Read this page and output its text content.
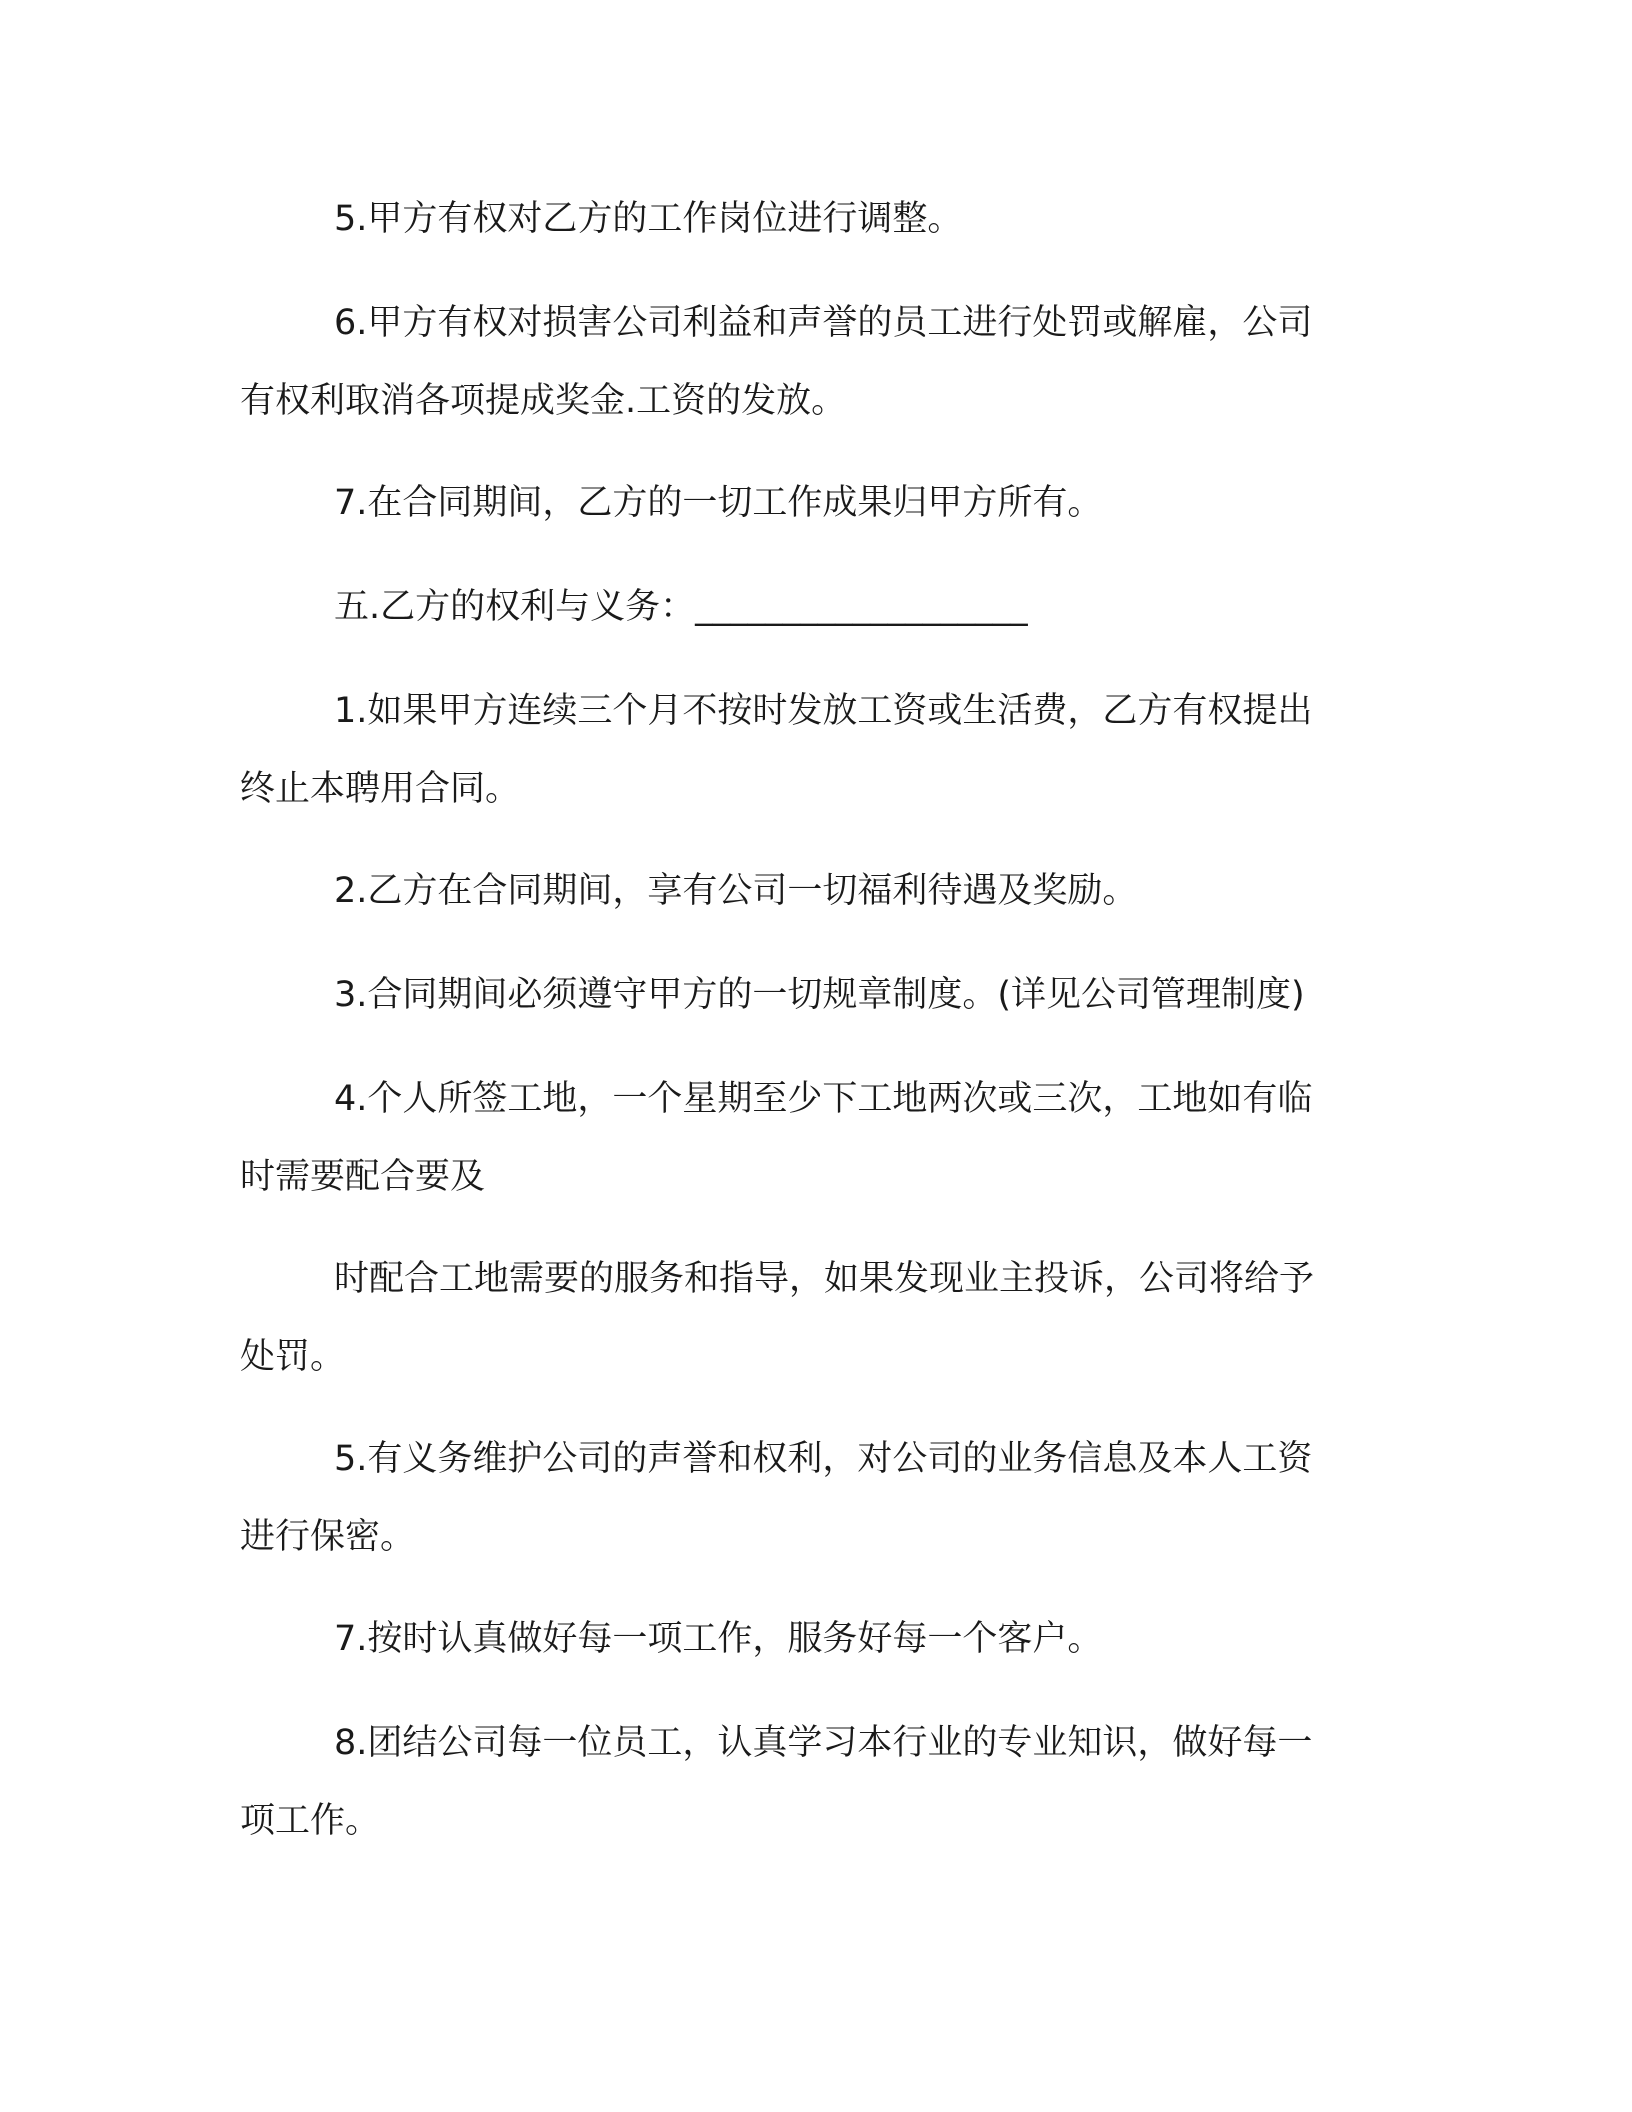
5.甲方有权对乙方的工作岗位进行调整。

6.甲方有权对损害公司利益和声誉的员工进行处罚或解雇，公司
有权利取消各项提成奖金.工资的发放。

7.在合同期间，乙方的一切工作成果归甲方所有。

五.乙方的权利与义务：___________________

1.如果甲方连续三个月不按时发放工资或生活费，乙方有权提出
终止本聘用合同。

2.乙方在合同期间，享有公司一切福利待遇及奖励。

3.合同期间必须遵守甲方的一切规章制度。(详见公司管理制度)

4.个人所签工地，一个星期至少下工地两次或三次，工地如有临
时需要配合要及

时配合工地需要的服务和指导，如果发现业主投诉，公司将给予
处罚。

5.有义务维护公司的声誉和权利，对公司的业务信息及本人工资
进行保密。

7.按时认真做好每一项工作，服务好每一个客户。

8.团结公司每一位员工，认真学习本行业的专业知识，做好每一
项工作。
